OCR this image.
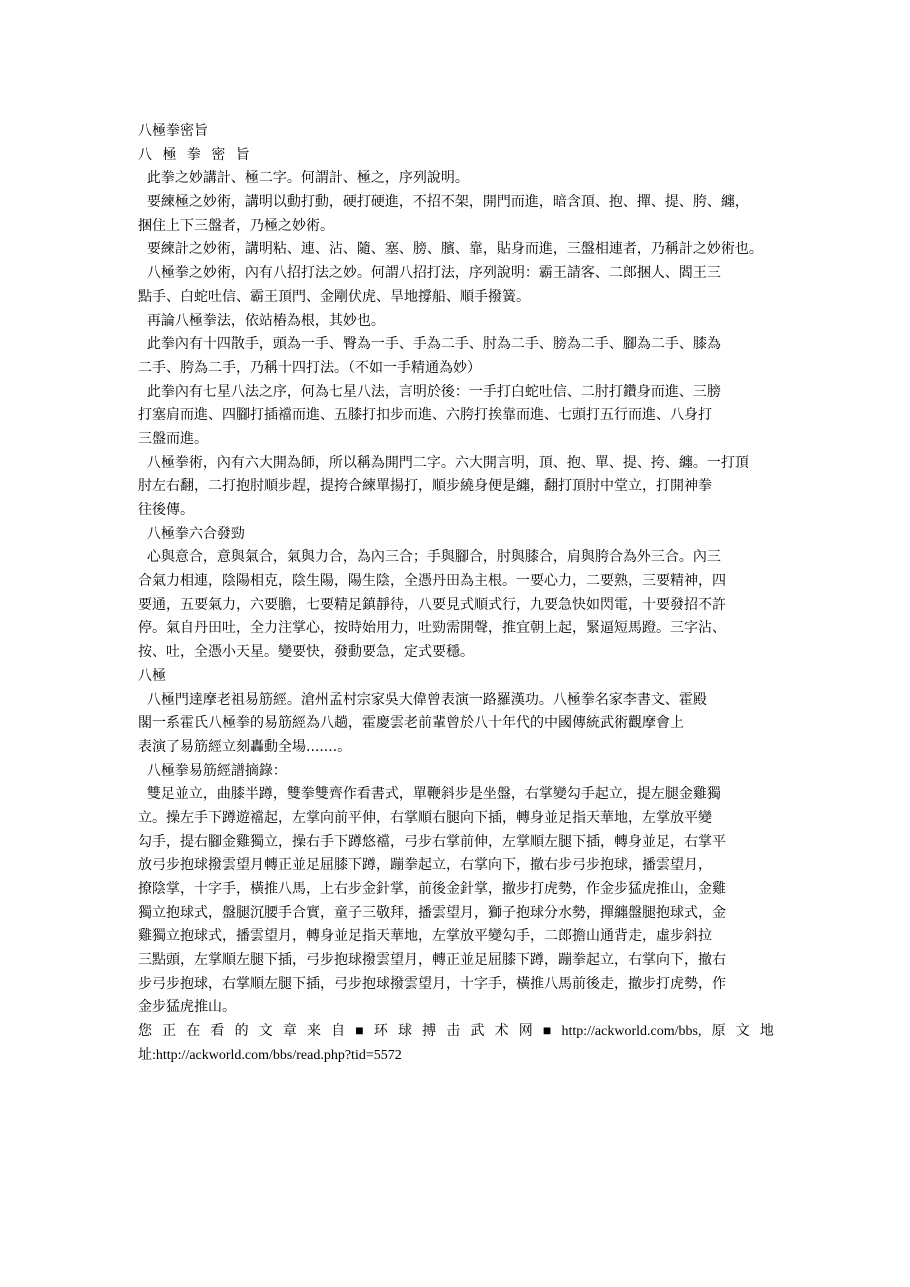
八極拳密旨
八 極 拳 密 旨
此拳之妙講計、極二字。何謂計、極之，序列說明。
要練極之妙術，講明以動打動，硬打硬進，不招不架，開門而進，暗含頂、抱、撣、提、胯、纏，
捆住上下三盤者，乃極之妙術。
要練計之妙術，講明粘、連、沾、隨、塞、膀、臏、靠，貼身而進，三盤相連者，乃稱計之妙術也。
八極拳之妙術，內有八招打法之妙。何謂八招打法，序列說明：霸王請客、二郎捆人、閻王三
點手、白蛇吐信、霸王頂門、金剛伏虎、旱地撐船、順手撥簧。
再論八極拳法，依站樁為根，其妙也。
此拳內有十四散手，頭為一手、臀為一手、手為二手、肘為二手、膀為二手、腳為二手、膝為
二手、胯為二手，乃稱十四打法。（不如一手精通為妙）
此拳內有七星八法之序，何為七星八法，言明於後：一手打白蛇吐信、二肘打鑽身而進、三膀
打塞肩而進、四腳打插襠而進、五膝打扣步而進、六胯打挨靠而進、七頭打五行而進、八身打
三盤而進。
八極拳術，內有六大開為師，所以稱為開門二字。六大開言明，頂、抱、單、提、挎、纏。一打頂
肘左右翻，二打抱肘順步趕，提挎合練單揚打，順步繞身便是纏，翻打頂肘中堂立，打開神拳
往後傳。
八極拳六合發勁
心與意合，意與氣合，氣與力合，為內三合；手與腳合，肘與膝合，肩與胯合為外三合。內三
合氣力相連，陰陽相克，陰生陽，陽生陰，全憑丹田為主根。一要心力，二要熟，三要精神，四
要通，五要氣力，六要膽，七要精足鎮靜待，八要見式順式行，九要急快如閃電，十要發招不許
停。氣自丹田吐，全力注掌心，按時始用力，吐勁需開聲，推宜朝上起，緊逼短馬蹬。三字沾、
按、吐，全憑小天星。變要快，發動要急，定式要穩。
八極
八極門達摩老祖易筋經。滄州孟村宗家吳大偉曾表演一路羅漢功。八極拳名家李書文、霍殿
閣一系霍氏八極拳的易筋經為八趟，霍慶雲老前輩曾於八十年代的中國傳統武術觀摩會上
表演了易筋經立刻轟動全場.......。
八極拳易筋經譜摘錄：
雙足並立，曲膝半蹲，雙拳雙齊作看書式，單鞭斜步是坐盤，右掌變勾手起立，提左腿金雞獨
立。操左手下蹲遊襠起，左掌向前平伸，右掌順右腿向下插，轉身並足指天華地，左掌放平變
勾手，提右腳金雞獨立，操右手下蹲悠襠，弓步右掌前伸，左掌順左腿下插，轉身並足，右掌平
放弓步抱球撥雲望月轉正並足屈膝下蹲，蹦拳起立，右掌向下，撤右步弓步抱球，播雲望月，
撩陰掌，十字手，橫推八馬，上右步金針掌，前後金針掌，撤步打虎勢，作金步猛虎推山，金雞
獨立抱球式，盤腿沉腰手合實，童子三敬拜，播雲望月，獅子抱球分水勢，撣纏盤腿抱球式，金
雞獨立抱球式，播雲望月，轉身並足指天華地，左掌放平變勾手，二郎擔山通背走，虛步斜拉
三點頭，左掌順左腿下插，弓步抱球撥雲望月，轉正並足屈膝下蹲，蹦拳起立，右掌向下，撤右
步弓步抱球，右掌順左腿下插，弓步抱球撥雲望月，十字手，橫推八馬前後走，撤步打虎勢，作
金步猛虎推山。
您 正 在 看 的 文 章 来 自 ■ 环 球 搏 击 武 术 网 ■ http://ackworld.com/bbs, 原 文 地
址:http://ackworld.com/bbs/read.php?tid=5572
